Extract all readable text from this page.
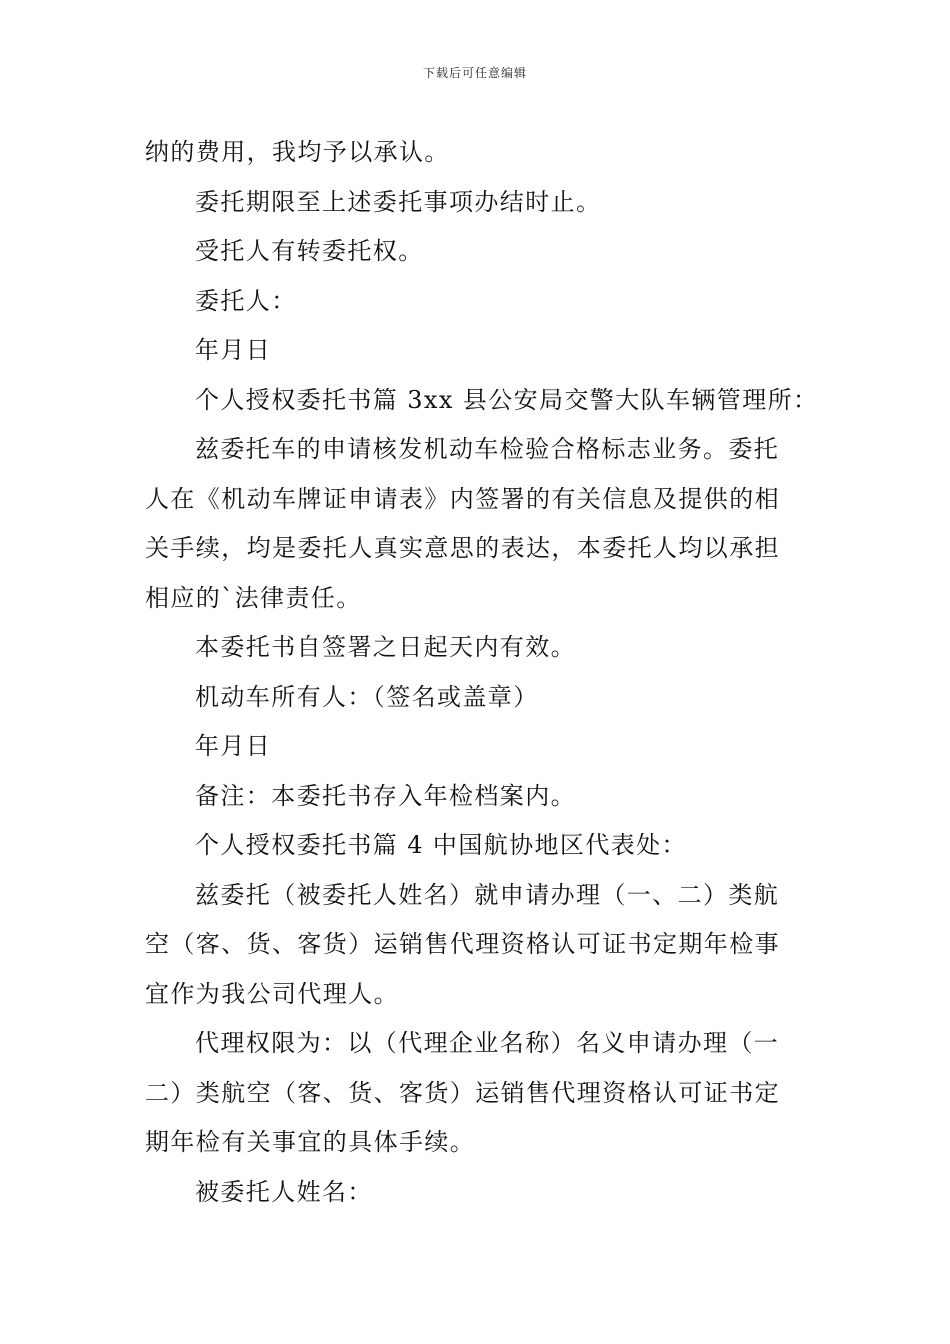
下载后可任意编辑
纳的费用，我均予以承认。
委托期限至上述委托事项办结时止。
受托人有转委托权。
委托人：
年月日
个人授权委托书篇 3xx 县公安局交警大队车辆管理所：
兹委托车的申请核发机动车检验合格标志业务。委托
人在《机动车牌证申请表》内签署的有关信息及提供的相
关手续，均是委托人真实意思的表达，本委托人均以承担
相应的`法律责任。
本委托书自签署之日起天内有效。
机动车所有人：（签名或盖章）
年月日
备注：本委托书存入年检档案内。
个人授权委托书篇 4 中国航协地区代表处：
兹委托（被委托人姓名）就申请办理（一、二）类航
空（客、货、客货）运销售代理资格认可证书定期年检事
宜作为我公司代理人。
代理权限为：以（代理企业名称）名义申请办理（一
二）类航空（客、货、客货）运销售代理资格认可证书定
期年检有关事宜的具体手续。
被委托人姓名：
